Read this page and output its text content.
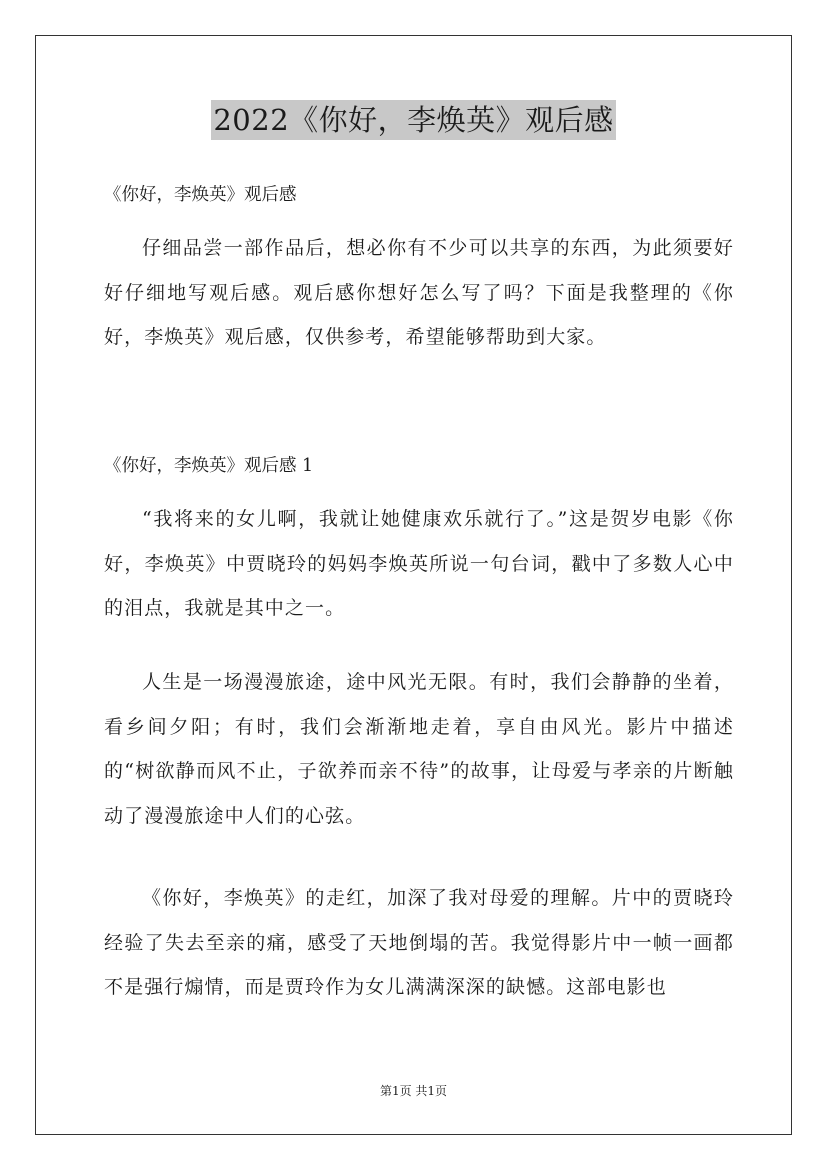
2022《你好，李焕英》观后感
《你好，李焕英》观后感

仔细品尝一部作品后，想必你有不少可以共享的东西，为此须要好好仔细地写观后感。观后感你想好怎么写了吗？下面是我整理的《你好，李焕英》观后感，仅供参考，希望能够帮助到大家。

《你好，李焕英》观后感 1

“我将来的女儿啊，我就让她健康欢乐就行了。”这是贺岁电影《你好，李焕英》中贾晓玲的妈妈李焕英所说一句台词，戳中了多数人心中的泪点，我就是其中之一。

人生是一场漫漫旅途，途中风光无限。有时，我们会静静的坐着，看乡间夕阳；有时，我们会渐渐地走着，享自由风光。影片中描述的“树欲静而风不止，子欲养而亲不待”的故事，让母爱与孝亲的片断触动了漫漫旅途中人们的心弦。

《你好，李焕英》的走红，加深了我对母爱的理解。片中的贾晓玲经验了失去至亲的痛，感受了天地倒塌的苦。我觉得影片中一帧一画都不是强行煽情，而是贾玲作为女儿满满深深的缺憾。这部电影也

第1页 共1页
